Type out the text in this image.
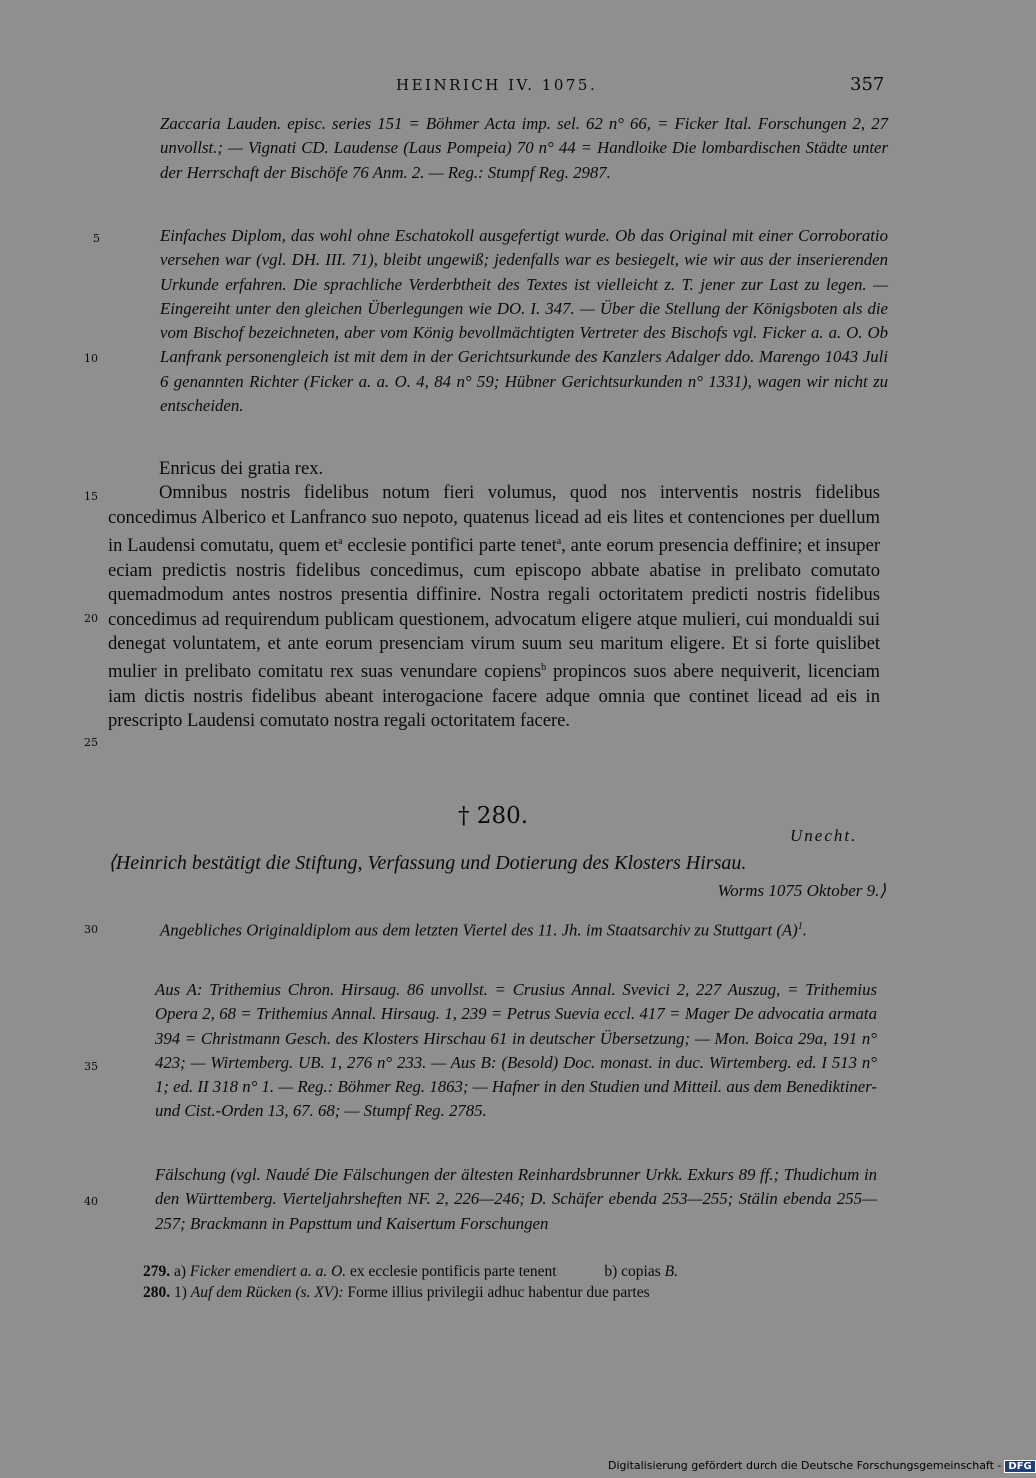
HEINRICH IV. 1075.	357

Zaccaria Lauden. episc. series 151 = Böhmer Acta imp. sel. 62 n° 66, = Ficker Ital. Forschungen 2, 27 unvollst.; — Vignati CD. Laudense (Laus Pompeia) 70 n° 44 = Handloike Die lombardischen Städte unter der Herrschaft der Bischöfe 76 Anm. 2. — Reg.: Stumpf Reg. 2987.

Einfaches Diplom, das wohl ohne Eschatokoll ausgefertigt wurde. Ob das Original mit einer Corroboratio versehen war (vgl. DH. III. 71), bleibt ungewiß; jedenfalls war es besiegelt, wie wir aus der inserierenden Urkunde erfahren. Die sprachliche Verderbtheit des Textes ist vielleicht z. T. jener zur Last zu legen. — Eingereiht unter den gleichen Überlegungen wie DO. I. 347. — Über die Stellung der Königsboten als die vom Bischof bezeichneten, aber vom König bevollmächtigten Vertreter des Bischofs vgl. Ficker a. a. O. Ob Lanfrank personengleich ist mit dem in der Gerichtsurkunde des Kanzlers Adalger ddo. Marengo 1043 Juli 6 genannten Richter (Ficker a. a. O. 4, 84 n° 59; Hübner Gerichtsurkunden n° 1331), wagen wir nicht zu entscheiden.

Enricus dei gratia rex.

Omnibus nostris fidelibus notum fieri volumus, quod nos interventis nostris fidelibus concedimus Alberico et Lanfranco suo nepoto, quatenus licead ad eis lites et contenciones per duellum in Laudensi comutatu, quem $et^a$ ecclesie pontifici parte tenet$^a$, ante eorum presencia deffinire; et insuper eciam predictis nostris fidelibus concedimus, cum episcopo abbate abatise in prelibato comutato quemadmodum antes nostros presentia diffinire. Nostra regali octoritatem predicti nostris fidelibus concedimus ad requirendum publicam questionem, advocatum eligere atque mulieri, cui mondualdi sui denegat voluntatem, et ante eorum presenciam virum suum seu maritum eligere. Et si forte quislibet mulier in prelibato comitatu rex suas venundare copiens$^b$ propincos suos abere nequiverit, licenciam iam dictis nostris fidelibus abeant interogacione facere adque omnia que continet licead ad eis in prescripto Laudensi comutato nostra regali octoritatem facere.

† 280.
Unecht.
⟨Heinrich bestätigt die Stiftung, Verfassung und Dotierung des Klosters Hirsau.
Worms 1075 Oktober 9.⟩

Angebliches Originaldiplom aus dem letzten Viertel des 11. Jh. im Staatsarchiv zu Stuttgart $(A)^1$.

Aus A: Trithemius Chron. Hirsaug. 86 unvollst. = Crusius Annal. Svevici 2, 227 Auszug, = Trithemius Opera 2, 68 = Trithemius Annal. Hirsaug. 1, 239 = Petrus Suevia eccl. 417 = Mager De advocatia armata 394 = Christmann Gesch. des Klosters Hirschau 61 in deutscher Übersetzung; — Mon. Boica 29a, 191 n° 423; — Wirtemberg. UB. 1, 276 n° 233. — Aus B: (Besold) Doc. monast. in duc. Wirtemberg. ed. I 513 n° 1; ed. II 318 n° 1. — Reg.: Böhmer Reg. 1863; — Hafner in den Studien und Mitteil. aus dem Benediktiner- und Cist.-Orden 13, 67. 68; — Stumpf Reg. 2785.

Fälschung (vgl. Naudé Die Fälschungen der ältesten Reinhardsbrunner Urkk. Exkurs 89 ff.; Thudichum in den Württemberg. Vierteljahrsheften NF. 2, 226—246; D. Schäfer ebenda 253—255; Stälin ebenda 255—257; Brackmann in Papsttum und Kaisertum Forschungen

5
10
15
20
25
30
35
40
279. a) Ficker emendiert a. a. O. ex ecclesie pontificis parte tenent	b) copias B.
280. 1) Auf dem Rücken (s. XV): Forme illius privilegii adhuc habentur due partes
Digitalisierung gefördert durch die Deutsche Forschungsgemeinschaft - DFG
